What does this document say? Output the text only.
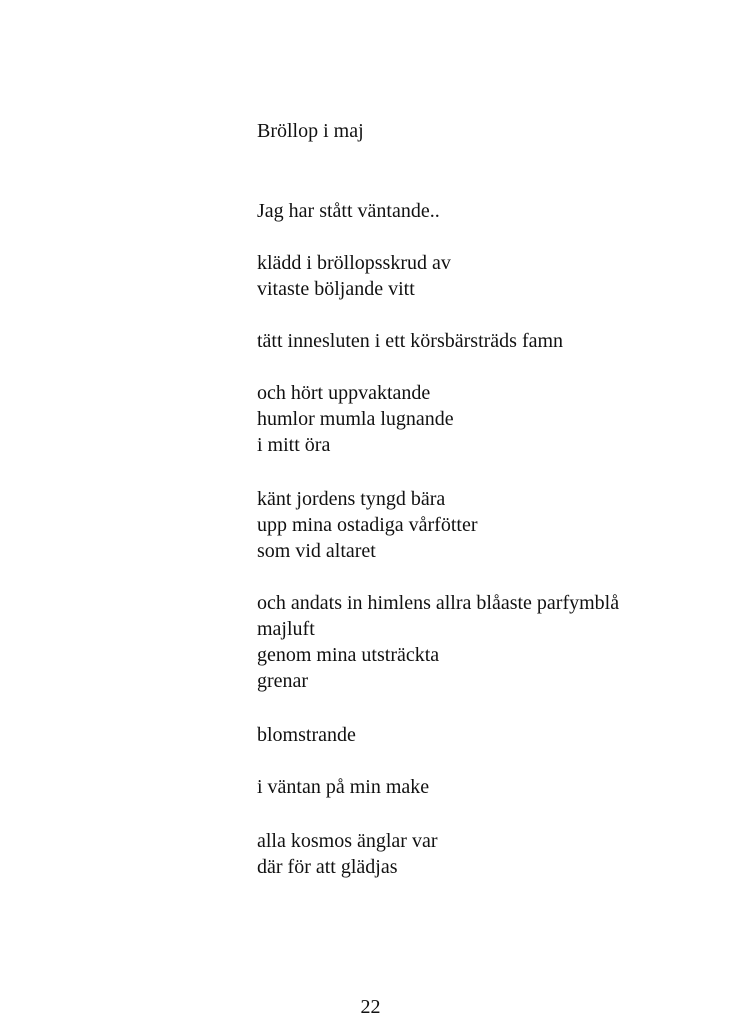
Bröllop i maj
Jag har stått väntande..
klädd i bröllopsskrud av
vitaste böljande vitt
tätt innesluten i ett körsbärsträds famn
och hört uppvaktande
humlor mumla lugnande
i mitt öra
känt jordens tyngd bära
upp mina ostadiga vårfötter
som vid altaret
och andats in himlens allra blåaste parfymblå
majluft
genom mina utsträckta
grenar
blomstrande
i väntan på min make
alla kosmos änglar var
där för att glädjas
22
